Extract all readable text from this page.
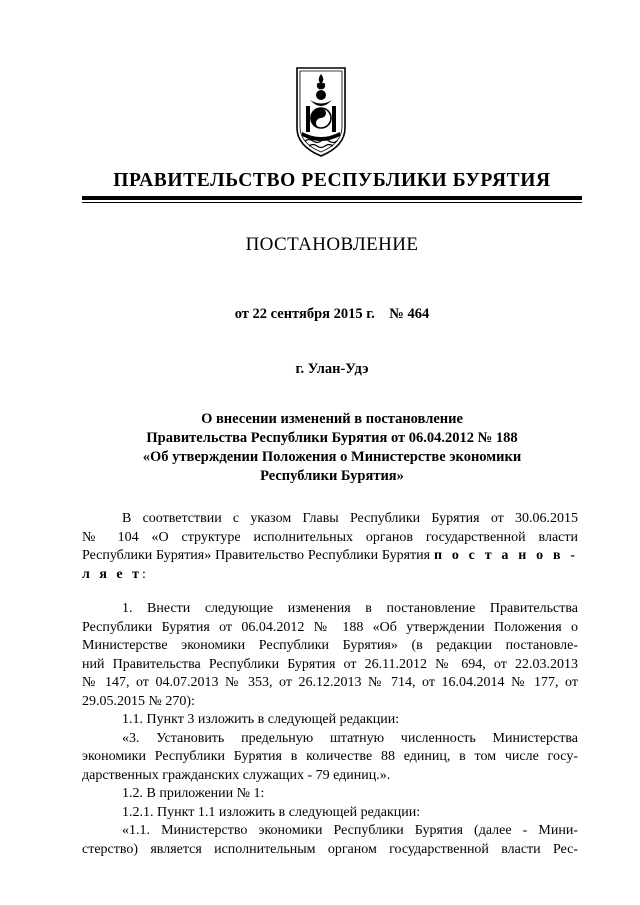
ПРАВИТЕЛЬСТВО РЕСПУБЛИКИ БУРЯТИЯ
ПОСТАНОВЛЕНИЕ
от 22 сентября 2015 г.    № 464
г. Улан-Удэ
О внесении изменений в постановление
Правительства Республики Бурятия от 06.04.2012 № 188
«Об утверждении Положения о Министерстве экономики
Республики Бурятия»
В соответствии с указом Главы Республики Бурятия от 30.06.2015
№ 104 «О структуре исполнительных органов государственной власти
Республики Бурятия» Правительство Республики Бурятия п о с т а н о в -
л я е т:
1. Внести следующие изменения в постановление Правительства
Республики Бурятия от 06.04.2012 № 188 «Об утверждении Положения о
Министерстве экономики Республики Бурятия» (в редакции постановле-
ний Правительства Республики Бурятия от 26.11.2012 № 694, от 22.03.2013
№ 147, от 04.07.2013 № 353, от 26.12.2013 № 714, от 16.04.2014 № 177, от
29.05.2015 № 270):
1.1. Пункт 3 изложить в следующей редакции:
«3. Установить предельную штатную численность Министерства
экономики Республики Бурятия в количестве 88 единиц, в том числе госу-
дарственных гражданских служащих - 79 единиц.».
1.2. В приложении № 1:
1.2.1. Пункт 1.1 изложить в следующей редакции:
«1.1. Министерство экономики Республики Бурятия (далее - Мини-
стерство) является исполнительным органом государственной власти Рес-
